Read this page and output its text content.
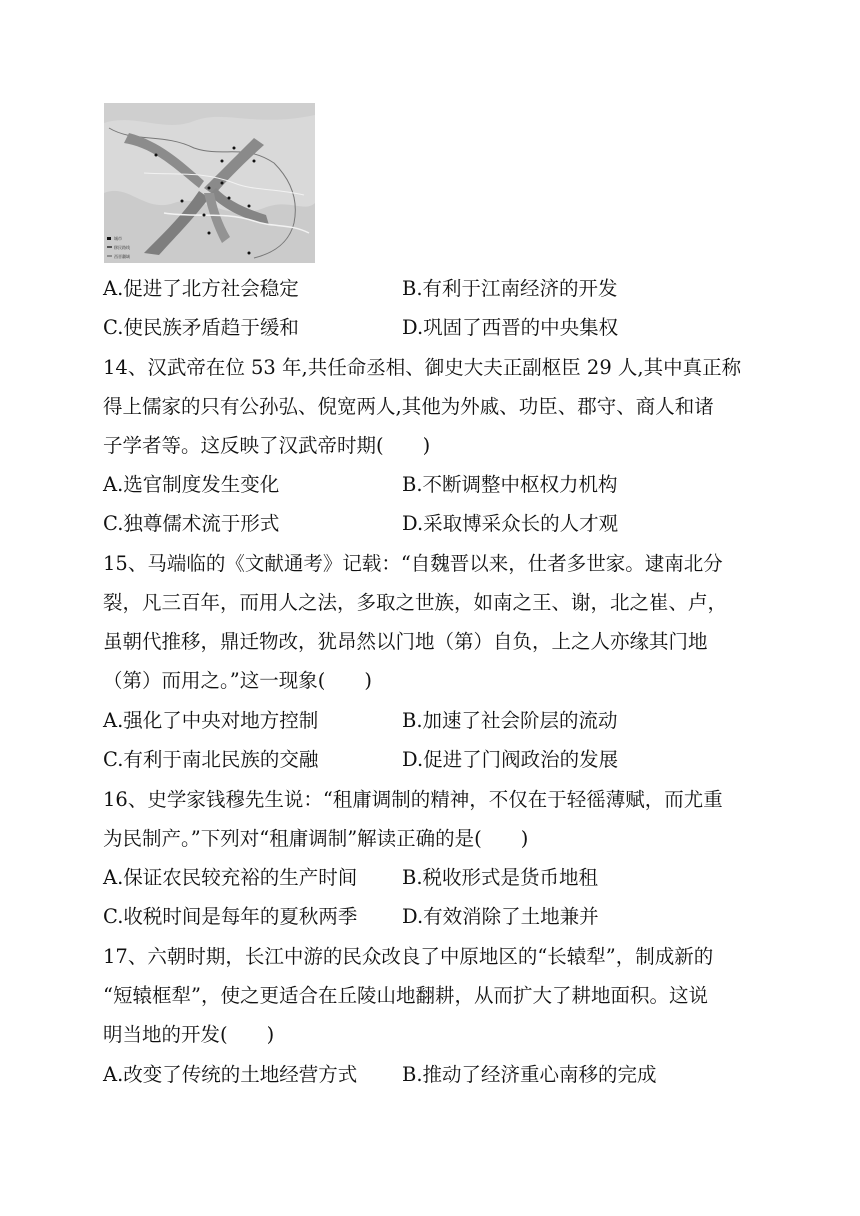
城市
移民路线
西晋疆域
A.促进了北方社会稳定	B.有利于江南经济的开发
C.使民族矛盾趋于缓和	D.巩固了西晋的中央集权
14、汉武帝在位 53 年,共任命丞相、御史大夫正副枢臣 29 人,其中真正称
得上儒家的只有公孙弘、倪宽两人,其他为外戚、功臣、郡守、商人和诸
子学者等。这反映了汉武帝时期(　　)
A.选官制度发生变化	B.不断调整中枢权力机构
C.独尊儒术流于形式	D.采取博采众长的人才观
15、马端临的《文献通考》记载：“自魏晋以来，仕者多世家。逮南北分
裂，凡三百年，而用人之法，多取之世族，如南之王、谢，北之崔、卢，
虽朝代推移，鼎迁物改，犹昂然以门地（第）自负，上之人亦缘其门地
（第）而用之。”这一现象(　　)
A.强化了中央对地方控制	B.加速了社会阶层的流动
C.有利于南北民族的交融	D.促进了门阀政治的发展
16、史学家钱穆先生说：“租庸调制的精神，不仅在于轻徭薄赋，而尤重
为民制产。”下列对“租庸调制”解读正确的是(　　)
A.保证农民较充裕的生产时间 B.税收形式是货币地租
C.收税时间是每年的夏秋两季 D.有效消除了土地兼并
17、六朝时期，长江中游的民众改良了中原地区的“长辕犁”，制成新的
“短辕框犁”，使之更适合在丘陵山地翻耕，从而扩大了耕地面积。这说
明当地的开发(　　)
A.改变了传统的土地经营方式 B.推动了经济重心南移的完成
